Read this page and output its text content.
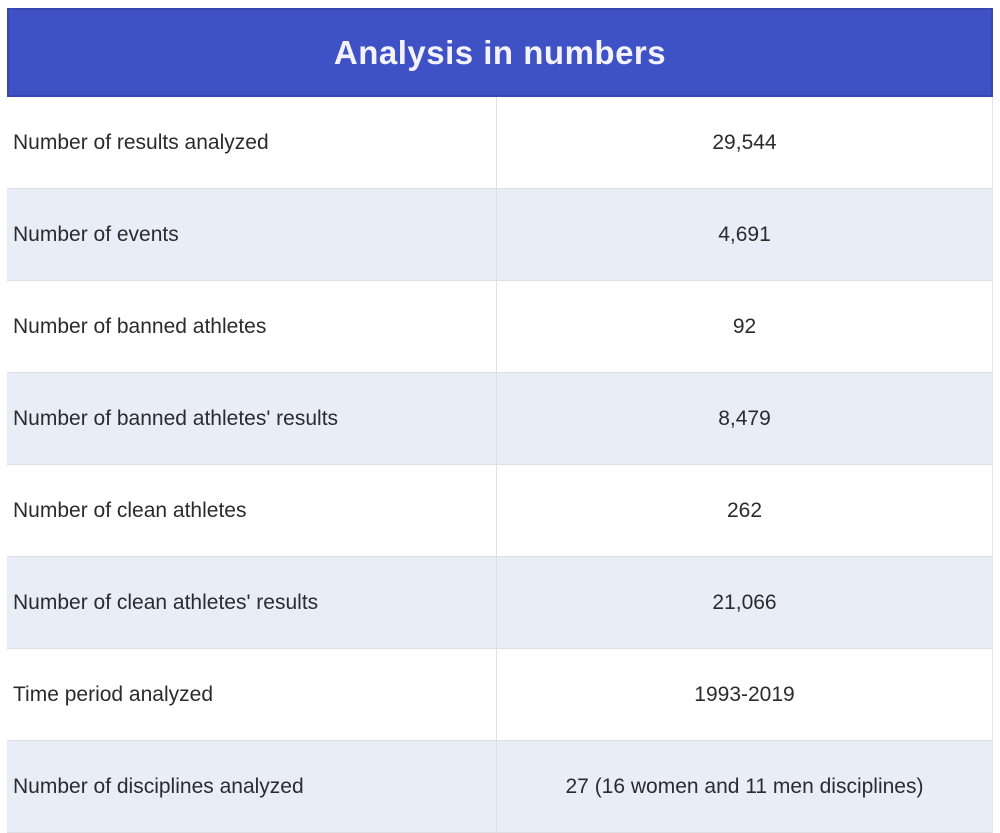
Analysis in numbers
Number of results analyzed	29,544
Number of events	4,691
Number of banned athletes	92
Number of banned athletes' results	8,479
Number of clean athletes	262
Number of clean athletes' results	21,066
Time period analyzed	1993-2019
Number of disciplines analyzed	27 (16 women and 11 men disciplines)
